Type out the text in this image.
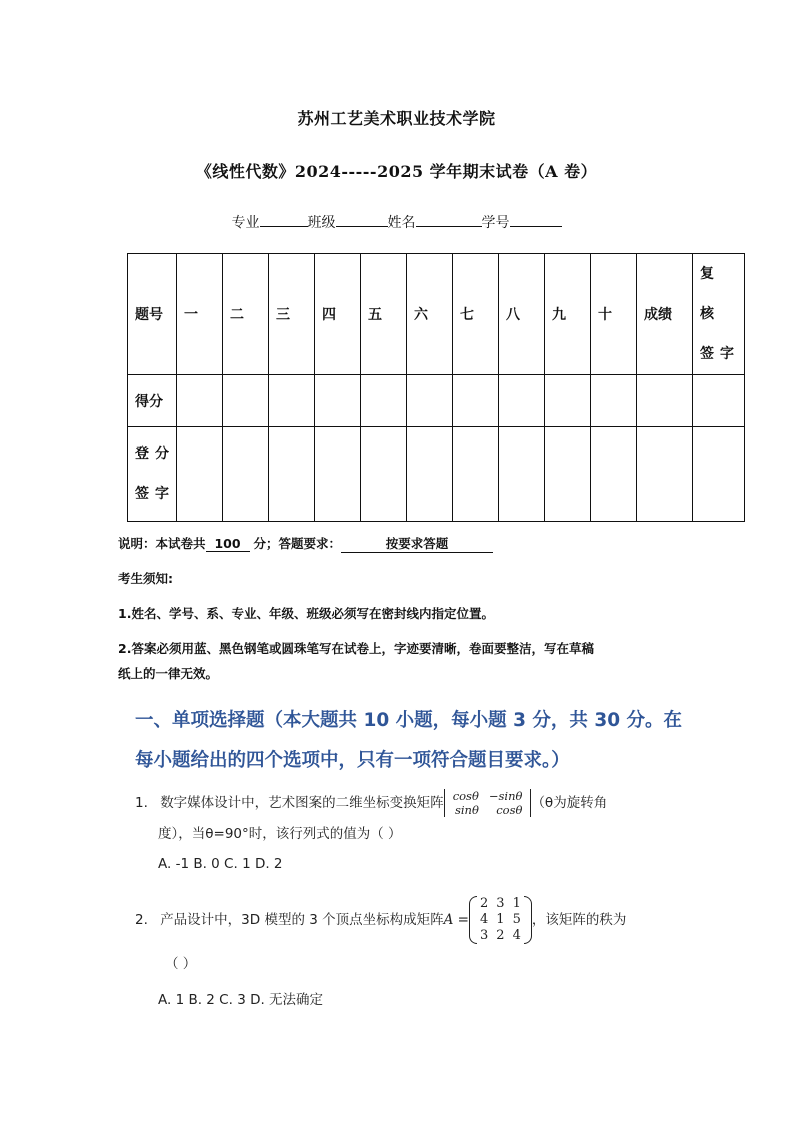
苏州工艺美术职业技术学院
《线性代数》2024-----2025 学年期末试卷（A 卷）
专业	班级	姓名	学号
题号	一	二	三	四	五	六	七	八	九	十	成绩	复 核
签字

得分												

登分
签字												

说明：本试卷共 100 分；答题要求：	按要求答题
考生须知:
1.姓名、学号、系、专业、年级、班级必须写在密封线内指定位置。
2.答案必须用蓝、黑色钢笔或圆珠笔写在试卷上，字迹要清晰，卷面要整洁，写在草稿
纸上的一律无效。
一、单项选择题（本大题共 10 小题，每小题 3 分，共 30 分。在
每小题给出的四个选项中，只有一项符合题目要求。）
1. 数字媒体设计中，艺术图案的二维坐标变换矩阵 cosθ	−sinθ
sinθ	cosθ （θ为旋转角
度），当θ=90°时，该行列式的值为（ ）
A. -1 B. 0 C. 1 D. 2
2. 产品设计中，3D 模型的 3 个顶点坐标构成矩阵A =
2	3	1
4	1	5
3	2	4
，该矩阵的秩为
（ ）
A. 1 B. 2 C. 3 D. 无法确定
